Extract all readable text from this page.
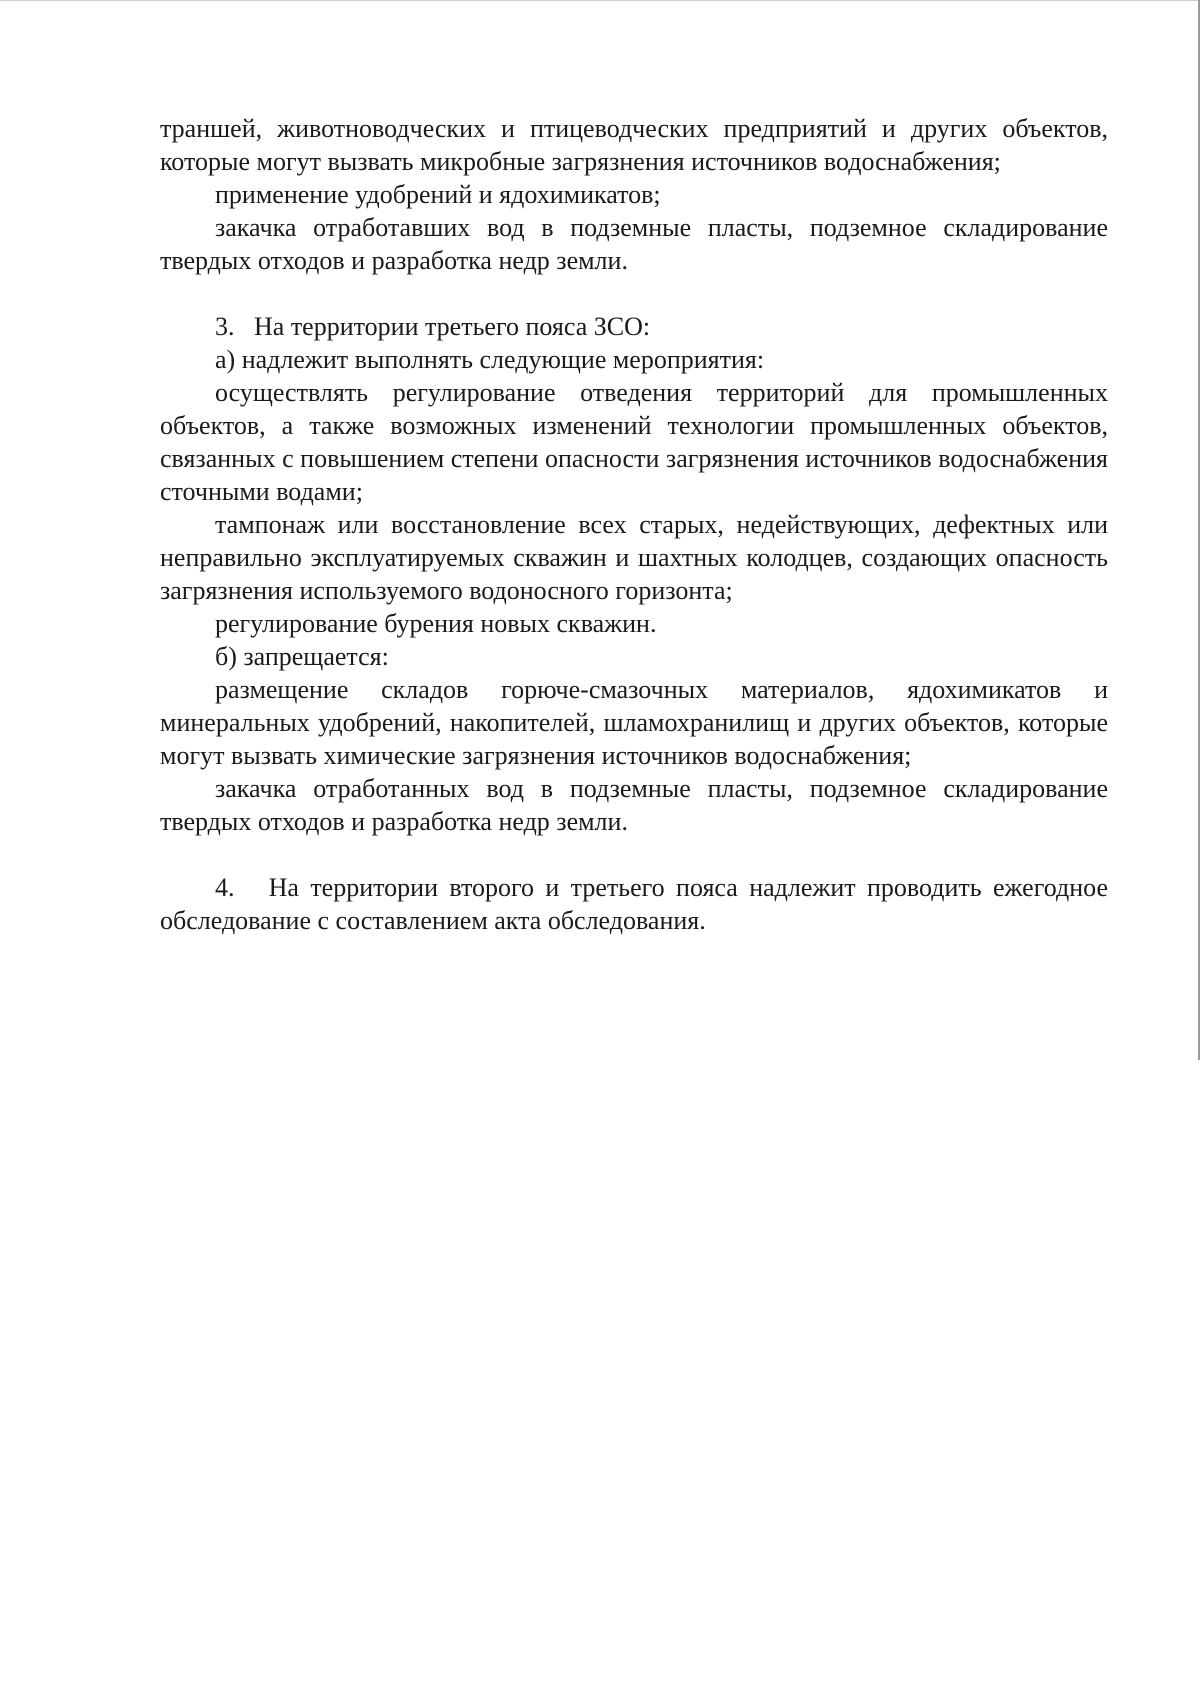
траншей, животноводческих и птицеводческих предприятий и других объектов, которые могут вызвать микробные загрязнения источников водоснабжения;

применение удобрений и ядохимикатов;

закачка отработавших вод в подземные пласты, подземное складирование твердых отходов и разработка недр земли.

3.   На территории третьего пояса ЗСО:

а) надлежит выполнять следующие мероприятия:

осуществлять регулирование отведения территорий для промышленных объектов, а также возможных изменений технологии промышленных объектов, связанных с повышением степени опасности загрязнения источников водоснабжения сточными водами;

тампонаж или восстановление всех старых, недействующих, дефектных или неправильно эксплуатируемых скважин и шахтных колодцев, создающих опасность загрязнения используемого водоносного горизонта;

регулирование бурения новых скважин.

б) запрещается:

размещение складов горюче-смазочных материалов, ядохимикатов и минеральных удобрений, накопителей, шламохранилищ и других объектов, которые могут вызвать химические загрязнения источников водоснабжения;

закачка отработанных вод в подземные пласты, подземное складирование твердых отходов и разработка недр земли.

4.   На территории второго и третьего пояса надлежит проводить ежегодное обследование с составлением акта обследования.
